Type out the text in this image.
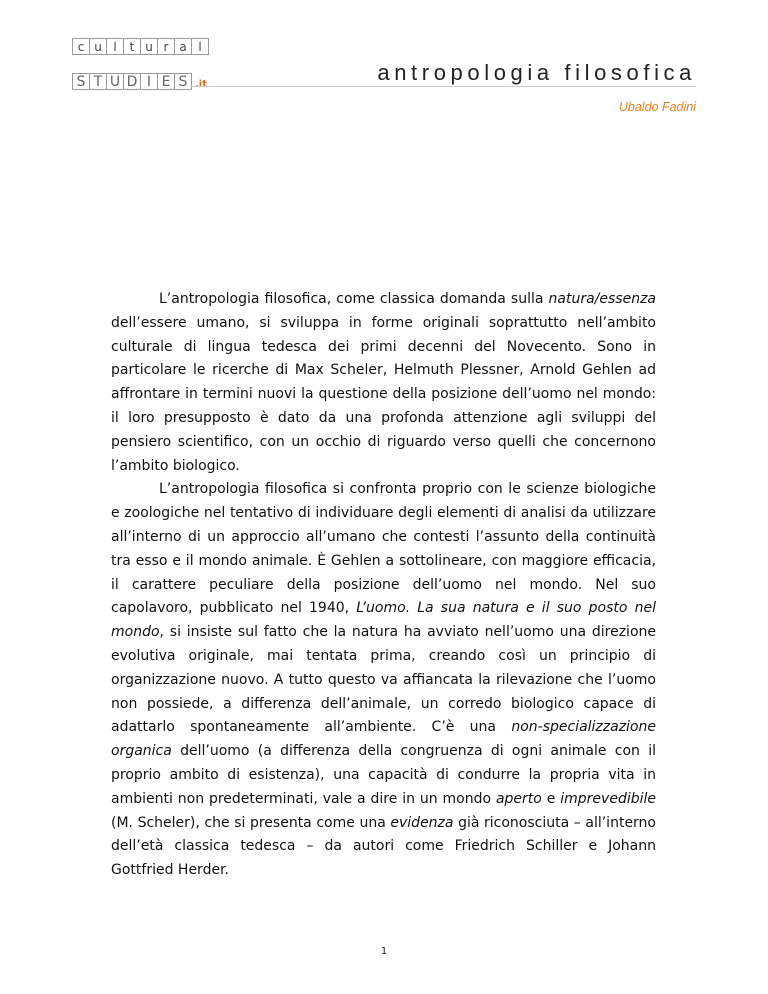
c u l	t u r a l
S T U D I E S .it	antropologia filosofica
Ubaldo Fadini

L’antropologia filosofica, come classica domanda sulla natura/essenza dell’essere umano, si sviluppa in forme originali soprattutto nell’ambito culturale di lingua tedesca dei primi decenni del Novecento. Sono in particolare le ricerche di Max Scheler, Helmuth Plessner, Arnold Gehlen ad affrontare in termini nuovi la questione della posizione dell’uomo nel mondo: il loro presupposto è dato da una profonda attenzione agli sviluppi del pensiero scientifico, con un occhio di riguardo verso quelli che concernono l’ambito biologico.

L’antropologia filosofica si confronta proprio con le scienze biologiche e zoologiche nel tentativo di individuare degli elementi di analisi da utilizzare all’interno di un approccio all’umano che contesti l’assunto della continuità tra esso e il mondo animale. È Gehlen a sottolineare, con maggiore efficacia, il carattere peculiare della posizione dell’uomo nel mondo. Nel suo capolavoro, pubblicato nel 1940, L’uomo. La sua natura e il suo posto nel mondo, si insiste sul fatto che la natura ha avviato nell’uomo una direzione evolutiva originale, mai tentata prima, creando così un principio di organizzazione nuovo. A tutto questo va affiancata la rilevazione che l’uomo non possiede, a differenza dell’animale, un corredo biologico capace di adattarlo spontaneamente all’ambiente. C’è una non-specializzazione organica dell’uomo (a differenza della congruenza di ogni animale con il proprio ambito di esistenza), una capacità di condurre la propria vita in ambienti non predeterminati, vale a dire in un mondo aperto e imprevedibile (M. Scheler), che si presenta come una evidenza già riconosciuta – all’interno dell’età classica tedesca – da autori come Friedrich Schiller e Johann Gottfried Herder.

1
